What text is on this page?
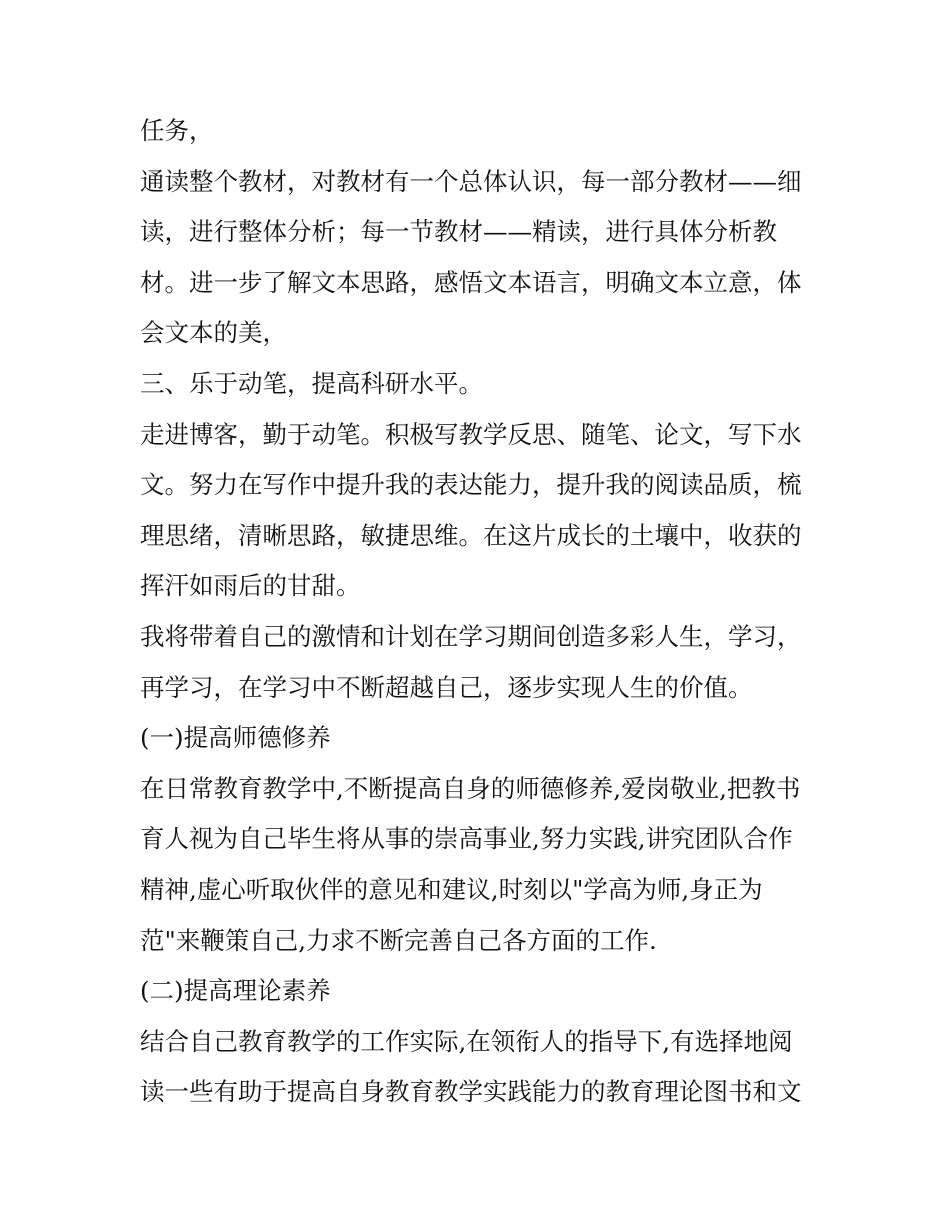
任务，

通读整个教材，对教材有一个总体认识，每一部分教材——细读，进行整体分析；每一节教材——精读，进行具体分析教材。进一步了解文本思路，感悟文本语言，明确文本立意，体会文本的美，

三、乐于动笔，提高科研水平。

走进博客，勤于动笔。积极写教学反思、随笔、论文，写下水文。努力在写作中提升我的表达能力，提升我的阅读品质，梳理思绪，清晰思路，敏捷思维。在这片成长的土壤中，收获的挥汗如雨后的甘甜。

我将带着自己的激情和计划在学习期间创造多彩人生，学习，再学习，在学习中不断超越自己，逐步实现人生的价值。

(一)提高师德修养

在日常教育教学中,不断提高自身的师德修养,爱岗敬业,把教书育人视为自己毕生将从事的崇高事业,努力实践,讲究团队合作精神,虚心听取伙伴的意见和建议,时刻以"学高为师,身正为范"来鞭策自己,力求不断完善自己各方面的工作.

(二)提高理论素养

结合自己教育教学的工作实际,在领衔人的指导下,有选择地阅读一些有助于提高自身教育教学实践能力的教育理论图书和文
